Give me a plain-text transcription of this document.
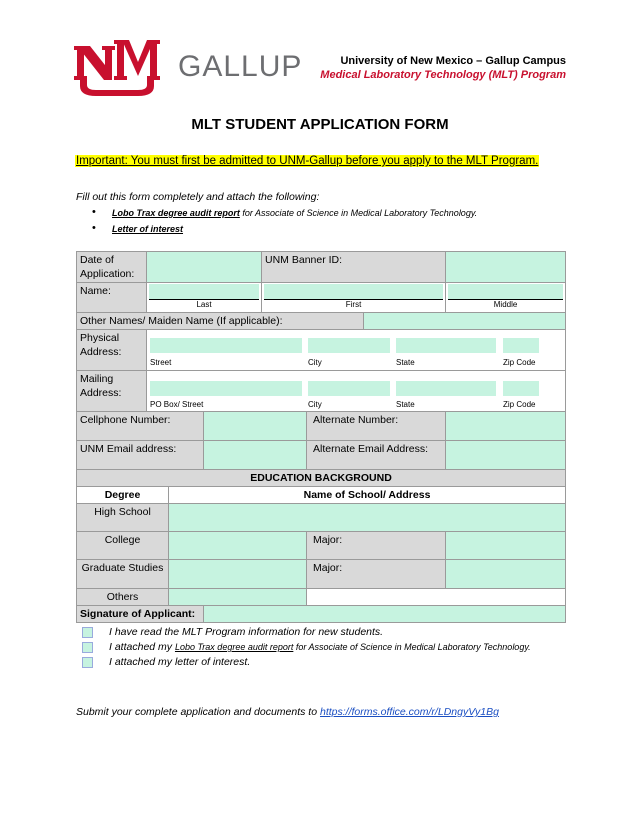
GALLUP	University of New Mexico – Gallup Campus
Medical Laboratory Technology (MLT) Program
MLT STUDENT APPLICATION FORM
Important: You must first be admitted to UNM-Gallup before you apply to the MLT Program.
Fill out this form completely and attach the following:
• Lobo Trax degree audit report for Associate of Science in Medical Laboratory Technology.
• Letter of interest
Date of Application:				UNM Banner ID:			
Name:	Last			First			Middle

Other Names/ Maiden Name (If applicable):							
Physical Address:	Street City State Zip Code						

Mailing Address:	PO Box/ Street City State Zip Code						

Cellphone Number:					Alternate Number:		
UNM Email address:					Alternate Email Address:		
EDUCATION BACKGROUND							
Degree		Name of School/ Address					
High School							
College					Major:		
Graduate Studies					Major:		
Others							
Signature of Applicant:							
I have read the MLT Program information for new students.
I attached my Lobo Trax degree audit report for Associate of Science in Medical Laboratory Technology.
I attached my letter of interest.
Submit your complete application and documents to https://forms.office.com/r/LDngyVy1Bg
